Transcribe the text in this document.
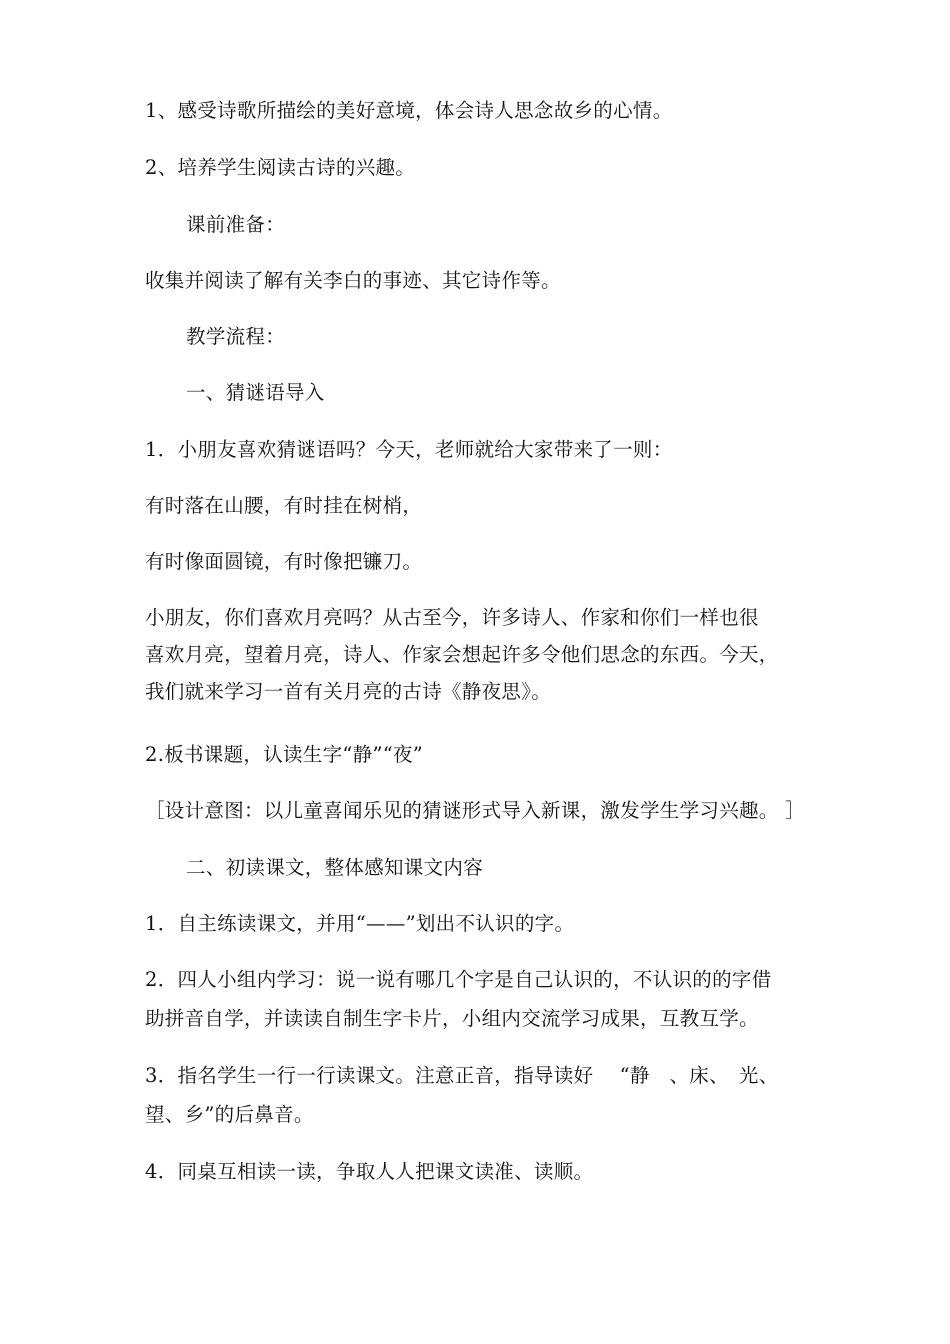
1、感受诗歌所描绘的美好意境，体会诗人思念故乡的心情。
2、培养学生阅读古诗的兴趣。
课前准备：
收集并阅读了解有关李白的事迹、其它诗作等。
教学流程：
一、猜谜语导入
1．小朋友喜欢猜谜语吗？今天，老师就给大家带来了一则：
有时落在山腰，有时挂在树梢，
有时像面圆镜，有时像把镰刀。
小朋友，你们喜欢月亮吗？从古至今，许多诗人、作家和你们一样也很
喜欢月亮，望着月亮，诗人、作家会想起许多令他们思念的东西。今天，
我们就来学习一首有关月亮的古诗《静夜思》。
2.板书课题，认读生字“静”“夜”
［设计意图：以儿童喜闻乐见的猜谜形式导入新课，激发学生学习兴趣。 ］
二、初读课文，整体感知课文内容
1．自主练读课文，并用“——”划出不认识的字。
2．四人小组内学习：说一说有哪几个字是自己认识的，不认识的的字借
助拼音自学，并读读自制生字卡片，小组内交流学习成果，互教互学。
3．指名学生一行一行读课文。注意正音，指导读好　 “静　、床、　光、
望、乡”的后鼻音。
4．同桌互相读一读，争取人人把课文读准、读顺。
